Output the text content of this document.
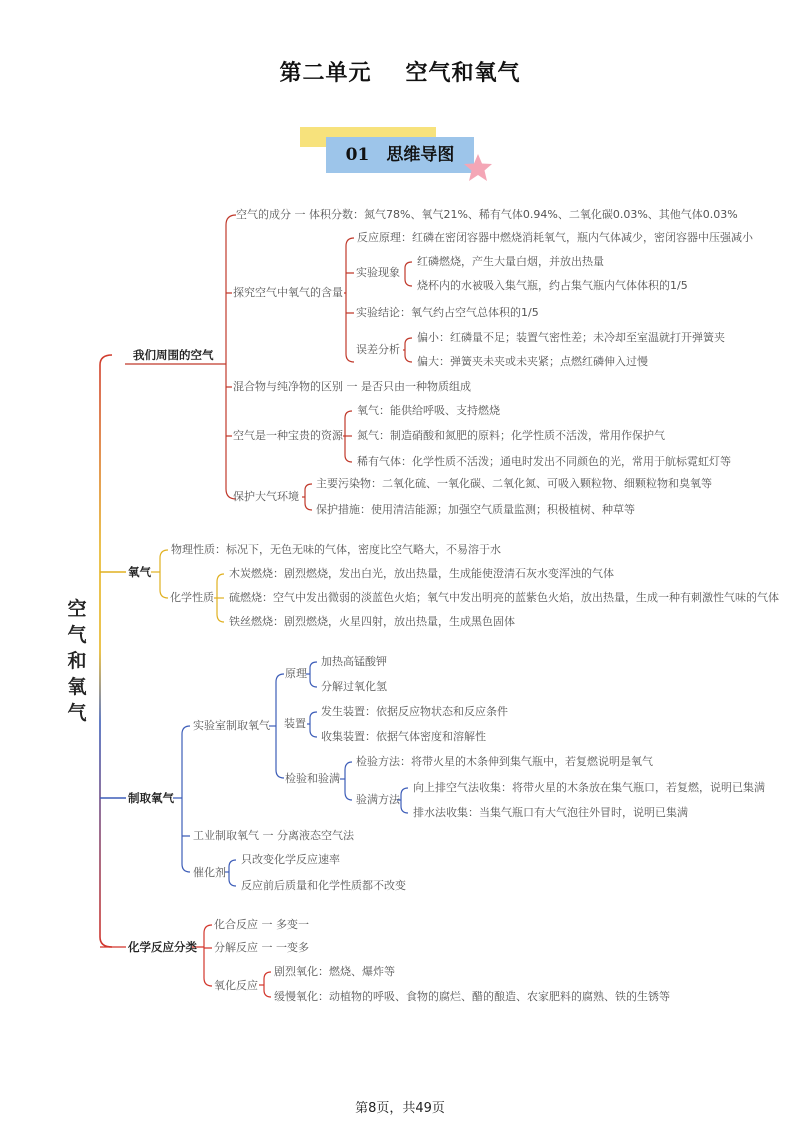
第二单元 空气和氧气
01　思维导图
空
气
和
氧
气
我们周围的空气
空气的成分 一 体积分数：氮气78%、氧气21%、稀有气体0.94%、二氧化碳0.03%、其他气体0.03%
探究空气中氧气的含量
反应原理：红磷在密闭容器中燃烧消耗氧气，瓶内气体减少，密闭容器中压强减小
实验现象
红磷燃烧，产生大量白烟，并放出热量
烧杯内的水被吸入集气瓶，约占集气瓶内气体体积的1/5
实验结论：氧气约占空气总体积的1/5
误差分析
偏小：红磷量不足；装置气密性差；未冷却至室温就打开弹簧夹
偏大：弹簧夹未夹或未夹紧；点燃红磷伸入过慢
混合物与纯净物的区别 一 是否只由一种物质组成
空气是一种宝贵的资源
氧气：能供给呼吸、支持燃烧
氮气：制造硝酸和氮肥的原料；化学性质不活泼，常用作保护气
稀有气体：化学性质不活泼；通电时发出不同颜色的光，常用于航标霓虹灯等
保护大气环境
主要污染物：二氧化硫、一氧化碳、二氧化氮、可吸入颗粒物、细颗粒物和臭氧等
保护措施：使用清洁能源；加强空气质量监测；积极植树、种草等
氧气
物理性质：标况下，无色无味的气体，密度比空气略大，不易溶于水
化学性质
木炭燃烧：剧烈燃烧，发出白光，放出热量，生成能使澄清石灰水变浑浊的气体
硫燃烧：空气中发出微弱的淡蓝色火焰；氧气中发出明亮的蓝紫色火焰，放出热量，生成一种有刺激性气味的气体
铁丝燃烧：剧烈燃烧，火星四射，放出热量，生成黑色固体
制取氧气
实验室制取氧气
原理
加热高锰酸钾
分解过氧化氢
装置
发生装置：依据反应物状态和反应条件
收集装置：依据气体密度和溶解性
检验和验满
检验方法：将带火星的木条伸到集气瓶中，若复燃说明是氧气
验满方法
向上排空气法收集：将带火星的木条放在集气瓶口，若复燃，说明已集满
排水法收集：当集气瓶口有大气泡往外冒时，说明已集满
工业制取氧气 一 分离液态空气法
催化剂
只改变化学反应速率
反应前后质量和化学性质都不改变
化学反应分类
化合反应 一 多变一
分解反应 一 一变多
氧化反应
剧烈氧化：燃烧、爆炸等
缓慢氧化：动植物的呼吸、食物的腐烂、醋的酿造、农家肥料的腐熟、铁的生锈等
第8页，共49页
